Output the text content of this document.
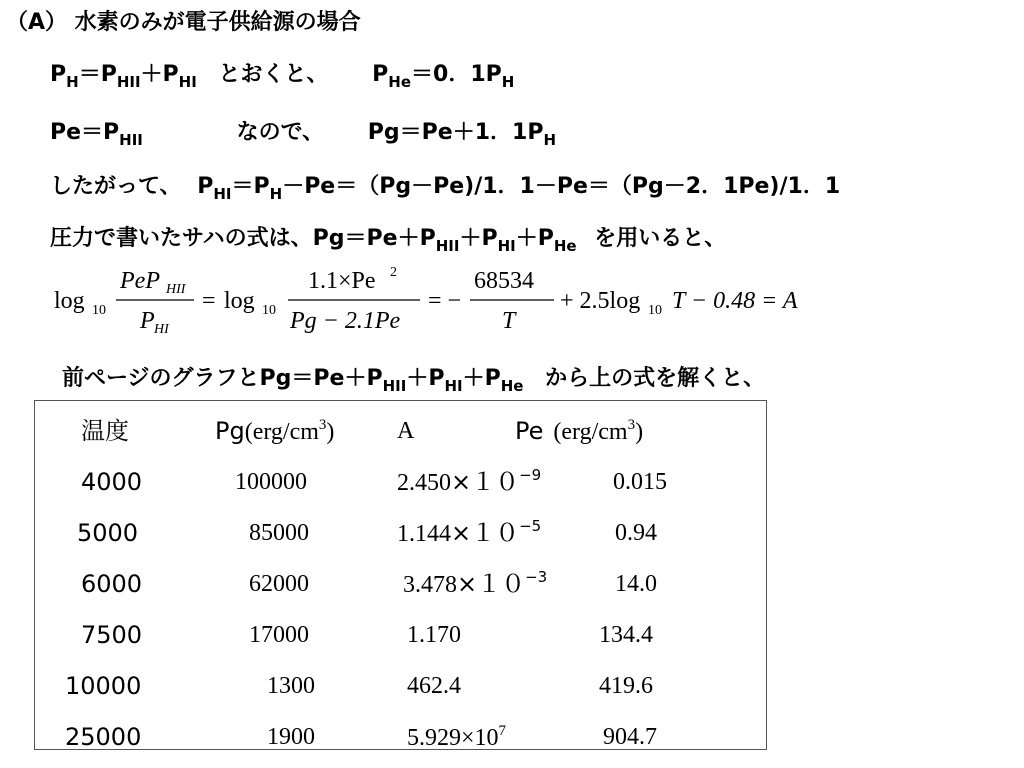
（A） 水素のみが電子供給源の場合
$P_H=P_{HII}+P_{HI}$ とおくと、 $P_{He}=0$．$1P_H$
$Pe=P_{HII}$	なので、 Pg＝Pe＋1．$1P_H$
したがって、 $P_{HI}=P_H-Pe=(Pg-Pe)/1$．1－Pe＝（Pg－2．1Pe)/1．1
圧力で書いたサハの式は、$Pg=Pe+P_{HII}+P_{HI}+P_{He}$ を用いると、
log 10
PeP HII
P HI
= log 10
1.1×Pe 2
Pg − 2.1Pe
= −
68534
T
+ 2.5log 10 T − 0.48 = A
前ページのグラフと$Pg=Pe+P_{HII}+P_{HI}+P_{He}$ から上の式を解くと、
温度	$Pg(erg/cm^3)$	A	Pe $(erg/cm^3)$
4000	100000	$2.450\times 10^{-9}$	0.015
5000	85000	$1.144\times 10^{-5}$	0.94
6000	62000	$3.478\times 10^{-3}$	14.0
7500	17000	1.170	134.4
10000	1300	462.4	419.6
25000	1900	$5.929\times 10^7$	904.7
